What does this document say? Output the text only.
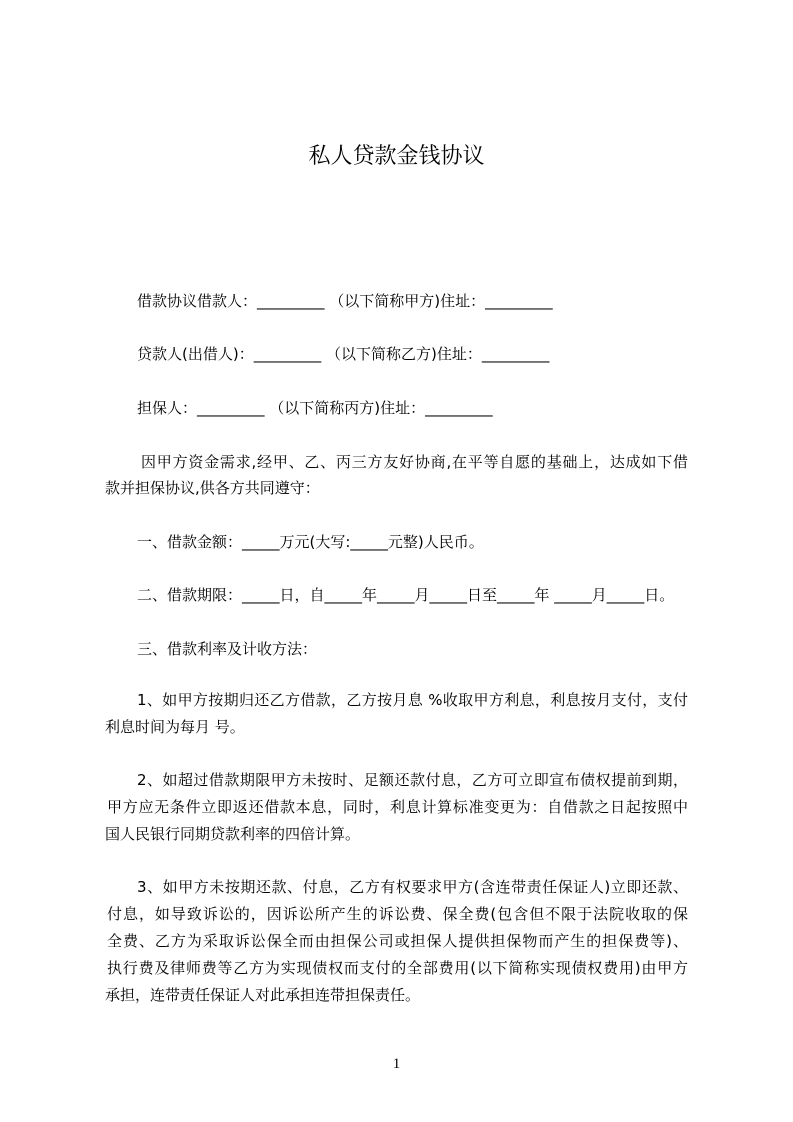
私人贷款金钱协议
借款协议借款人：_________ （以下简称甲方)住址：_________
贷款人(出借人)：_________ （以下简称乙方)住址：_________
担保人：_________ （以下简称丙方)住址：_________
因甲方资金需求,经甲、乙、丙三方友好协商,在平等自愿的基础上，达成如下借
款并担保协议,供各方共同遵守：
一、借款金额：_____万元(大写:_____元整)人民币。
二、借款期限：_____日，自_____年_____月_____日至_____年 _____月_____日。
三、借款利率及计收方法：
1、如甲方按期归还乙方借款，乙方按月息 %收取甲方利息，利息按月支付，支付
利息时间为每月 号。
2、如超过借款期限甲方未按时、足额还款付息，乙方可立即宣布债权提前到期，
甲方应无条件立即返还借款本息，同时，利息计算标准变更为：自借款之日起按照中
国人民银行同期贷款利率的四倍计算。
3、如甲方未按期还款、付息，乙方有权要求甲方(含连带责任保证人)立即还款、
付息，如导致诉讼的，因诉讼所产生的诉讼费、保全费(包含但不限于法院收取的保
全费、乙方为采取诉讼保全而由担保公司或担保人提供担保物而产生的担保费等)、
执行费及律师费等乙方为实现债权而支付的全部费用(以下简称实现债权费用)由甲方
承担，连带责任保证人对此承担连带担保责任。
1
